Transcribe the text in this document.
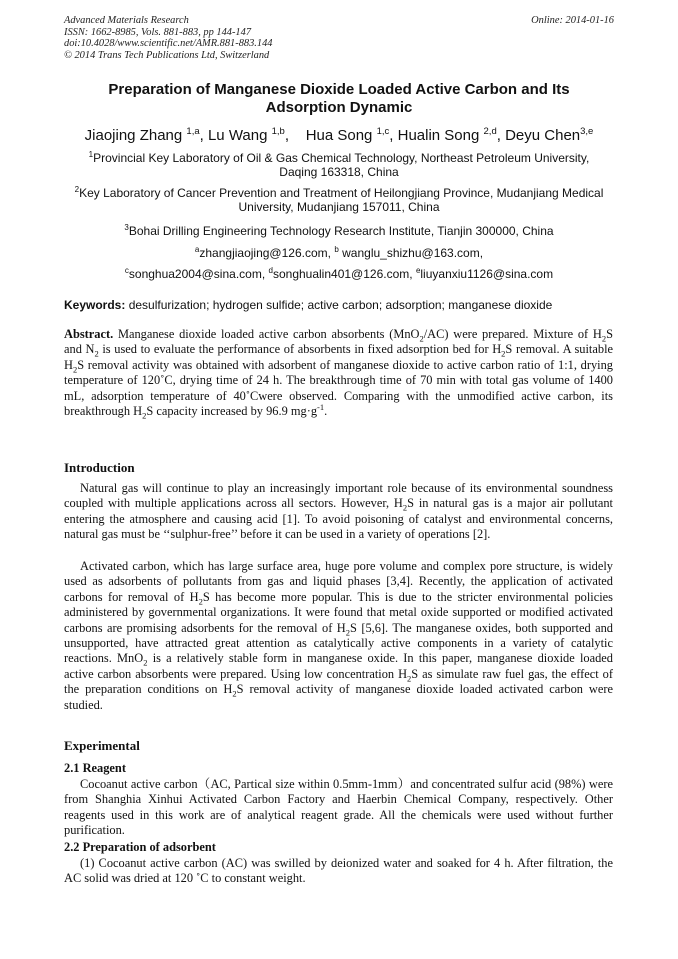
Advanced Materials Research
ISSN: 1662-8985, Vols. 881-883, pp 144-147
doi:10.4028/www.scientific.net/AMR.881-883.144
© 2014 Trans Tech Publications Ltd, Switzerland
Online: 2014-01-16
Preparation of Manganese Dioxide Loaded Active Carbon and Its
Adsorption Dynamic
Jiaojing Zhang $^{1,a}$, Lu Wang $^{1,b}$,    Hua Song $^{1,c}$, Hualin Song $^{2,d}$, Deyu Chen$^{3,e}$
$^1$Provincial Key Laboratory of Oil & Gas Chemical Technology, Northeast Petroleum University,
Daqing 163318, China
$^2$Key Laboratory of Cancer Prevention and Treatment of Heilongjiang Province, Mudanjiang Medical
University, Mudanjiang 157011, China
$^3$Bohai Drilling Engineering Technology Research Institute, Tianjin 300000, China
$^a$zhangjiaojing@126.com, $^b$ wanglu_shizhu@163.com,
$^c$songhua2004@sina.com, $^d$songhualin401@126.com, $^e$liuyanxiu1126@sina.com
Keywords: desulfurization; hydrogen sulfide; active carbon; adsorption; manganese dioxide
Abstract. Manganese dioxide loaded active carbon absorbents (MnO$_2$/AC) were prepared. Mixture of $H_2S$ and $N_2$ is used to evaluate the performance of absorbents in fixed adsorption bed for $H_2S$ removal. A suitable $H_2S$ removal activity was obtained with adsorbent of manganese dioxide to active carbon ratio of 1:1, drying temperature of 120˚C, drying time of 24 h. The breakthrough time of 70 min with total gas volume of 1400 mL, adsorption temperature of 40˚Cwere observed. Comparing with the unmodified active carbon, its breakthrough $H_2S$ capacity increased by 96.9 $mg\cdot g^{-1}$.
Introduction
Natural gas will continue to play an increasingly important role because of its environmental soundness coupled with multiple applications across all sectors. However, $H_2S$ in natural gas is a major air pollutant entering the atmosphere and causing acid [1]. To avoid poisoning of catalyst and environmental concerns, natural gas must be ‘‘sulphur-free’’ before it can be used in a variety of operations [2].
Activated carbon, which has large surface area, huge pore volume and complex pore structure, is widely used as adsorbents of pollutants from gas and liquid phases [3,4]. Recently, the application of activated carbons for removal of $H_2S$ has become more popular. This is due to the stricter environmental policies administered by governmental organizations. It were found that metal oxide supported or modified activated carbons are promising adsorbents for the removal of $H_2S$ [5,6]. The manganese oxides, both supported and unsupported, have attracted great attention as catalytically active components in a variety of catalytic reactions. MnO$_2$ is a relatively stable form in manganese oxide. In this paper, manganese dioxide loaded active carbon absorbents were prepared. Using low concentration $H_2S$ as simulate raw fuel gas, the effect of the preparation conditions on $H_2S$ removal activity of manganese dioxide loaded activated carbon were studied.
Experimental
2.1 Reagent
Cocoanut active carbon（AC, Partical size within 0.5mm-1mm）and concentrated sulfur acid (98%) were from Shanghia Xinhui Activated Carbon Factory and Haerbin Chemical Company, respectively. Other reagents used in this work are of analytical reagent grade. All the chemicals were used without further purification.
2.2 Preparation of adsorbent
(1) Cocoanut active carbon (AC) was swilled by deionized water and soaked for 4 h. After filtration, the AC solid was dried at 120 ˚C to constant weight.
